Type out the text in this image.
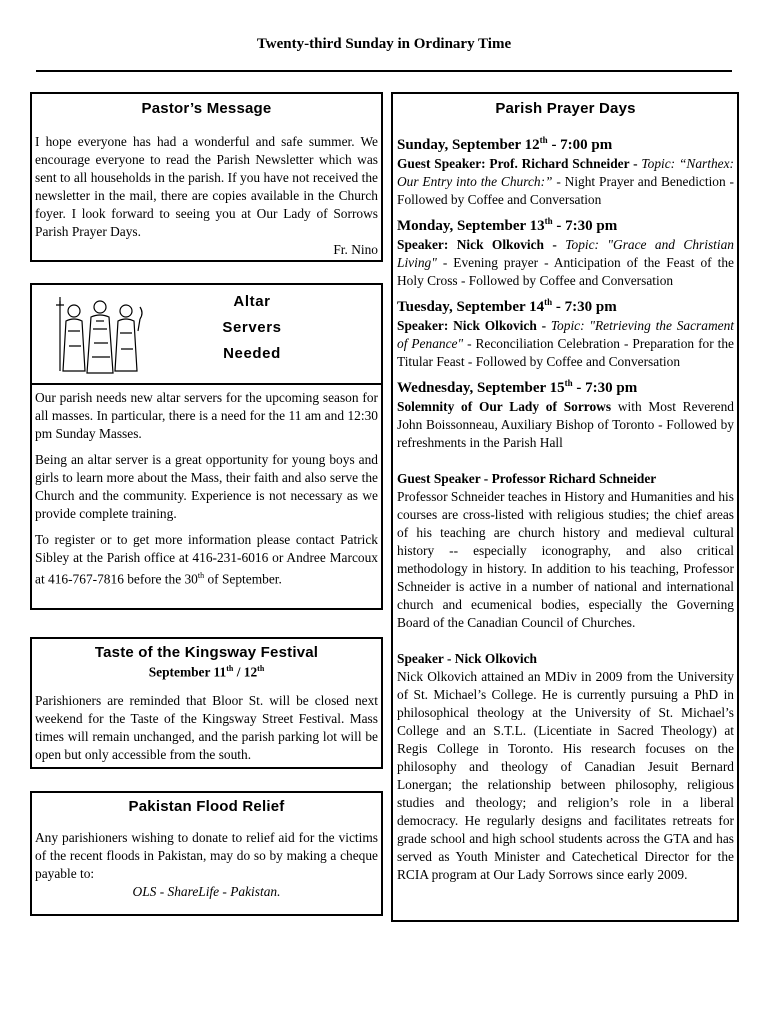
Twenty-third Sunday in Ordinary Time
Pastor’s Message
I hope everyone has had a wonderful and safe summer. We encourage everyone to read the Parish Newsletter which was sent to all households in the parish. If you have not received the newsletter in the mail, there are copies available in the Church foyer. I look forward to seeing you at Our Lady of Sorrows Parish Prayer Days.
Fr. Nino
Altar
Servers
Needed

Our parish needs new altar servers for the upcoming season for all masses. In particular, there is a need for the 11 am and 12:30 pm Sunday Masses.

Being an altar server is a great opportunity for young boys and girls to learn more about the Mass, their faith and also serve the Church and the community. Experience is not necessary as we provide complete training.

To register or to get more information please contact Patrick Sibley at the Parish office at 416-231-6016 or Andree Marcoux at 416-767-7816 before the 30th of September.

Taste of the Kingsway Festival
September 11th / 12th
Parishioners are reminded that Bloor St. will be closed next weekend for the Taste of the Kingsway Street Festival. Mass times will remain unchanged, and the parish parking lot will be open but only accessible from the south.
Pakistan Flood Relief
Any parishioners wishing to donate to relief aid for the victims of the recent floods in Pakistan, may do so by making a cheque payable to:
OLS - ShareLife - Pakistan.
Parish Prayer Days
Sunday, September 12th - 7:00 pm
Guest Speaker: Prof. Richard Schneider - Topic: “Narthex: Our Entry into the Church:” - Night Prayer and Benediction - Followed by Coffee and Conversation
Monday, September 13th - 7:30 pm
Speaker: Nick Olkovich - Topic: "Grace and Christian Living" - Evening prayer - Anticipation of the Feast of the Holy Cross - Followed by Coffee and Conversation
Tuesday, September 14th - 7:30 pm
Speaker: Nick Olkovich - Topic: "Retrieving the Sacrament of Penance" - Reconciliation Celebration - Preparation for the Titular Feast - Followed by Coffee and Conversation
Wednesday, September 15th - 7:30 pm
Solemnity of Our Lady of Sorrows with Most Reverend John Boissonneau, Auxiliary Bishop of Toronto - Followed by refreshments in the Parish Hall
Guest Speaker - Professor Richard Schneider
Professor Schneider teaches in History and Humanities and his courses are cross-listed with religious studies; the chief areas of his teaching are church history and medieval cultural history -- especially iconography, and also critical methodology in history. In addition to his teaching, Professor Schneider is active in a number of national and international church and ecumenical bodies, especially the Governing Board of the Canadian Council of Churches.
Speaker - Nick Olkovich
Nick Olkovich attained an MDiv in 2009 from the University of St. Michael’s College. He is currently pursuing a PhD in philosophical theology at the University of St. Michael’s College and an S.T.L. (Licentiate in Sacred Theology) at Regis College in Toronto. His research focuses on the philosophy and theology of Canadian Jesuit Bernard Lonergan; the relationship between philosophy, religious studies and theology; and religion’s role in a liberal democracy. He regularly designs and facilitates retreats for grade school and high school students across the GTA and has served as Youth Minister and Catechetical Director for the RCIA program at Our Lady Sorrows since early 2009.
